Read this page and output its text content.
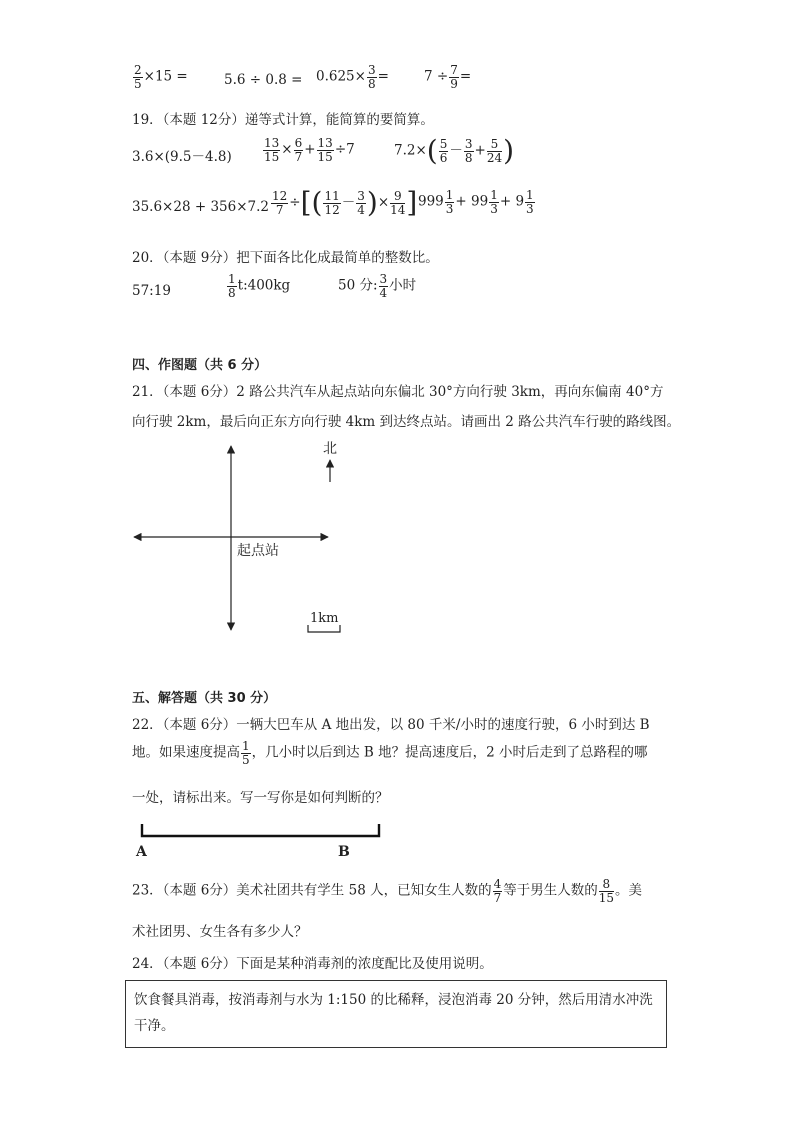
$\frac{2}{5} \times 15$ =	$5.6 \div 0.8 = 0.625\times \frac{3}{8}$ =	$7 \div \frac{7}{9}$ =
19．（本题 12分）递等式计算，能简算的要简算。
3.6×(9.5－4.8)	$\frac{13}{15} \times \frac{6}{7} + \frac{13}{15} \div 7$	$7.2\times( \frac{5}{6} - \frac{3}{8} + \frac{5}{24}$ )
$35.6\times 28 + 356\times 7.2 \frac{12}{7}$ ÷[( $\frac{11}{12} - \frac{3}{4}$ )× $\frac{9}{14}$ ] $999 \frac{1}{3} + 99 \frac{1}{3} + 9 \frac{1}{3}$
20．（本题 9分）把下面各比化成最简单的整数比。
57:19	$\frac{1}{8}$ t:400kg	50 分: $\frac{3}{4}$ 小时
四、作图题（共 6 分）
21．（本题 6分）2 路公共汽车从起点站向东偏北 30°方向行驶 3km，再向东偏南 40°方
向行驶 2km，最后向正东方向行驶 4km 到达终点站。请画出 2 路公共汽车行驶的路线图。
北
起点站
1km
五、解答题（共 30 分）
22．（本题 6分）一辆大巴车从 A 地出发，以 80 千米/小时的速度行驶，6 小时到达 B
地。如果速度提高 $\frac{1}{5}$ ，几小时以后到达 B 地？提高速度后，2 小时后走到了总路程的哪
一处，请标出来。写一写你是如何判断的？
A	B
23．（本题 6分）美术社团共有学生 58 人，已知女生人数的 $\frac{4}{7}$ 等于男生人数的 $\frac{8}{15}$ 。美
术社团男、女生各有多少人？
24．（本题 6分）下面是某种消毒剂的浓度配比及使用说明。
饮食餐具消毒，按消毒剂与水为 1:150 的比稀释，浸泡消毒 20 分钟，然后用清水冲洗
干净。
